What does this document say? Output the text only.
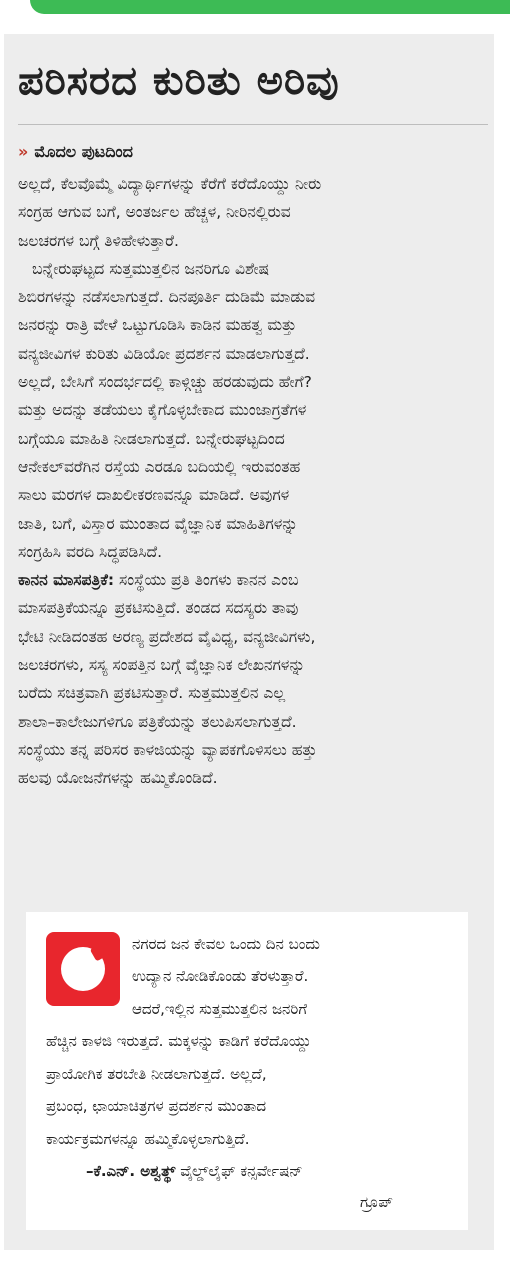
ಪರಿಸರದ ಕುರಿತು ಅರಿವು
» ಮೊದಲ ಪುಟದಿಂದ
ಅಲ್ಲದೆ, ಕೆಲವೊಮ್ಮೆ ವಿದ್ಯಾರ್ಥಿಗಳನ್ನು ಕೆರೆಗೆ ಕರೆದೊಯ್ದು ನೀರು
ಸಂಗ್ರಹ ಆಗುವ ಬಗೆ, ಅಂತರ್ಜಲ ಹೆಚ್ಚಳ, ನೀರಿನಲ್ಲಿರುವ
ಜಲಚರಗಳ ಬಗ್ಗೆ ತಿಳಿಹೇಳುತ್ತಾರೆ.
ಬನ್ನೇರುಘಟ್ಟದ ಸುತ್ತಮುತ್ತಲಿನ ಜನರಿಗೂ ವಿಶೇಷ
ಶಿಬಿರಗಳನ್ನು ನಡೆಸಲಾಗುತ್ತದೆ. ದಿನಪೂರ್ತಿ ದುಡಿಮೆ ಮಾಡುವ
ಜನರನ್ನು ರಾತ್ರಿ ವೇಳೆ ಒಟ್ಟುಗೂಡಿಸಿ ಕಾಡಿನ ಮಹತ್ವ ಮತ್ತು
ವನ್ಯಜೀವಿಗಳ ಕುರಿತು ವಿಡಿಯೋ ಪ್ರದರ್ಶನ ಮಾಡಲಾಗುತ್ತದೆ.
ಅಲ್ಲದೆ, ಬೇಸಿಗೆ ಸಂದರ್ಭದಲ್ಲಿ ಕಾಳ್ಗಿಚ್ಚು ಹರಡುವುದು ಹೇಗೆ?
ಮತ್ತು ಅದನ್ನು ತಡೆಯಲು ಕೈಗೊಳ್ಳಬೇಕಾದ ಮುಂಜಾಗ್ರತೆಗಳ
ಬಗ್ಗೆಯೂ ಮಾಹಿತಿ ನೀಡಲಾಗುತ್ತದೆ. ಬನ್ನೇರುಘಟ್ಟದಿಂದ
ಆನೇಕಲ್‌ವರೆಗಿನ ರಸ್ತೆಯ ಎರಡೂ ಬದಿಯಲ್ಲಿ ಇರುವಂತಹ
ಸಾಲು ಮರಗಳ ದಾಖಲೀಕರಣವನ್ನೂ ಮಾಡಿದೆ. ಅವುಗಳ
ಜಾತಿ, ಬಗೆ, ವಿಸ್ತಾರ ಮುಂತಾದ ವೈಜ್ಞಾನಿಕ ಮಾಹಿತಿಗಳನ್ನು
ಸಂಗ್ರಹಿಸಿ ವರದಿ ಸಿದ್ಧಪಡಿಸಿದೆ.
ಕಾನನ ಮಾಸಪತ್ರಿಕೆ: ಸಂಸ್ಥೆಯು ಪ್ರತಿ ತಿಂಗಳು ಕಾನನ ಎಂಬ
ಮಾಸಪತ್ರಿಕೆಯನ್ನೂ ಪ್ರಕಟಿಸುತ್ತಿದೆ. ತಂಡದ ಸದಸ್ಯರು ತಾವು
ಭೇಟಿ ನೀಡಿದಂತಹ ಅರಣ್ಯ ಪ್ರದೇಶದ ವೈವಿಧ್ಯ, ವನ್ಯಜೀವಿಗಳು,
ಜಲಚರಗಳು, ಸಸ್ಯ ಸಂಪತ್ತಿನ ಬಗ್ಗೆ ವೈಜ್ಞಾನಿಕ ಲೇಖನಗಳನ್ನು
ಬರೆದು ಸಚಿತ್ರವಾಗಿ ಪ್ರಕಟಿಸುತ್ತಾರೆ. ಸುತ್ತಮುತ್ತಲಿನ ಎಲ್ಲ
ಶಾಲಾ–ಕಾಲೇಜುಗಳಿಗೂ ಪತ್ರಿಕೆಯನ್ನು ತಲುಪಿಸಲಾಗುತ್ತದೆ.
ಸಂಸ್ಥೆಯು ತನ್ನ ಪರಿಸರ ಕಾಳಜಿಯನ್ನು ವ್ಯಾಪಕಗೊಳಿಸಲು ಹತ್ತು
ಹಲವು ಯೋಜನೆಗಳನ್ನು ಹಮ್ಮಿಕೊಂಡಿದೆ.
ನಗರದ ಜನ ಕೇವಲ ಒಂದು ದಿನ ಬಂದು
ಉದ್ಯಾನ ನೋಡಿಕೊಂಡು ತೆರಳುತ್ತಾರೆ.
ಆದರೆ,ಇಲ್ಲಿನ ಸುತ್ತಮುತ್ತಲಿನ ಜನರಿಗೆ
ಹೆಚ್ಚಿನ ಕಾಳಜಿ ಇರುತ್ತದೆ. ಮಕ್ಕಳನ್ನು ಕಾಡಿಗೆ ಕರೆದೊಯ್ದು
ಪ್ರಾಯೋಗಿಕ ತರಬೇತಿ ನೀಡಲಾಗುತ್ತದೆ. ಅಲ್ಲದೆ,
ಪ್ರಬಂಧ, ಛಾಯಾಚಿತ್ರಗಳ ಪ್ರದರ್ಶನ ಮುಂತಾದ
ಕಾರ್ಯಕ್ರಮಗಳನ್ನೂ ಹಮ್ಮಿಕೊಳ್ಳಲಾಗುತ್ತಿದೆ.
–ಕೆ.ಎನ್. ಅಶ್ವತ್ಥ್ ವೈಲ್ಡ್‌ಲೈಫ್ ಕನ್ಸರ್ವೇಷನ್
ಗ್ರೂಪ್
